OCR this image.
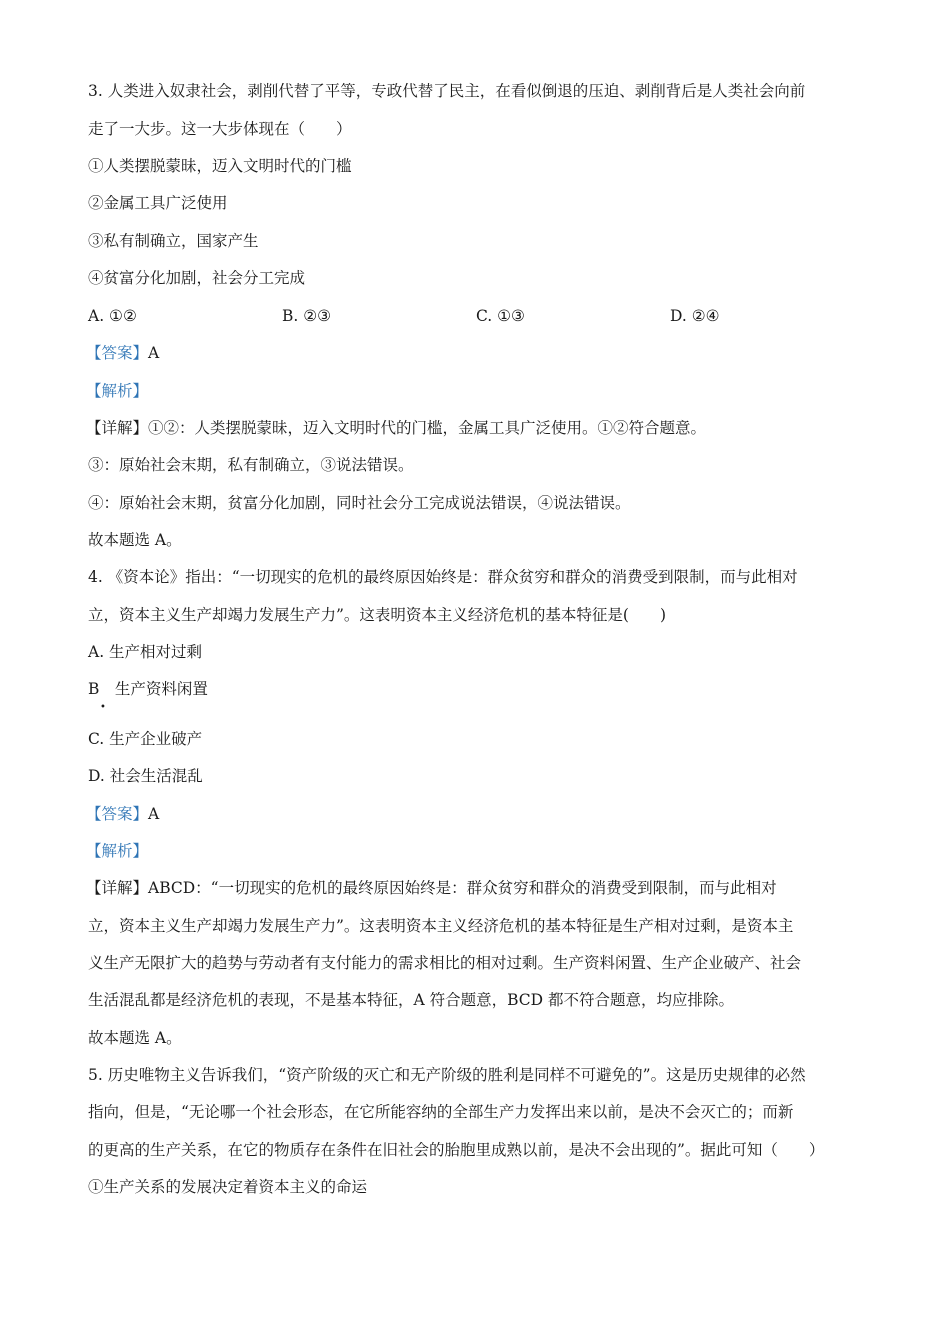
3. 人类进入奴隶社会，剥削代替了平等，专政代替了民主，在看似倒退的压迫、剥削背后是人类社会向前
走了一大步。这一大步体现在（　　）
①人类摆脱蒙昧，迈入文明时代的门槛
②金属工具广泛使用
③私有制确立，国家产生
④贫富分化加剧，社会分工完成
A. ①②	B. ②③	C. ①③	D. ②④
【答案】A
【解析】
【详解】①②：人类摆脱蒙昧，迈入文明时代的门槛，金属工具广泛使用。①②符合题意。
③：原始社会末期，私有制确立，③说法错误。
④：原始社会末期，贫富分化加剧，同时社会分工完成说法错误，④说法错误。
故本题选 A。
4. 《资本论》指出：“一切现实的危机的最终原因始终是：群众贫穷和群众的消费受到限制，而与此相对
立，资本主义生产却竭力发展生产力”。这表明资本主义经济危机的基本特征是(　　)
A. 生产相对过剩
B　生产资料闲置
•
C. 生产企业破产
D. 社会生活混乱
【答案】A
【解析】
【详解】ABCD：“一切现实的危机的最终原因始终是：群众贫穷和群众的消费受到限制，而与此相对
立，资本主义生产却竭力发展生产力”。这表明资本主义经济危机的基本特征是生产相对过剩，是资本主
义生产无限扩大的趋势与劳动者有支付能力的需求相比的相对过剩。生产资料闲置、生产企业破产、社会
生活混乱都是经济危机的表现，不是基本特征，A 符合题意，BCD 都不符合题意，均应排除。
故本题选 A。
5. 历史唯物主义告诉我们，“资产阶级的灭亡和无产阶级的胜利是同样不可避免的”。这是历史规律的必然
指向，但是，“无论哪一个社会形态，在它所能容纳的全部生产力发挥出来以前，是决不会灭亡的；而新
的更高的生产关系，在它的物质存在条件在旧社会的胎胞里成熟以前，是决不会出现的”。据此可知（　　）
①生产关系的发展决定着资本主义的命运
